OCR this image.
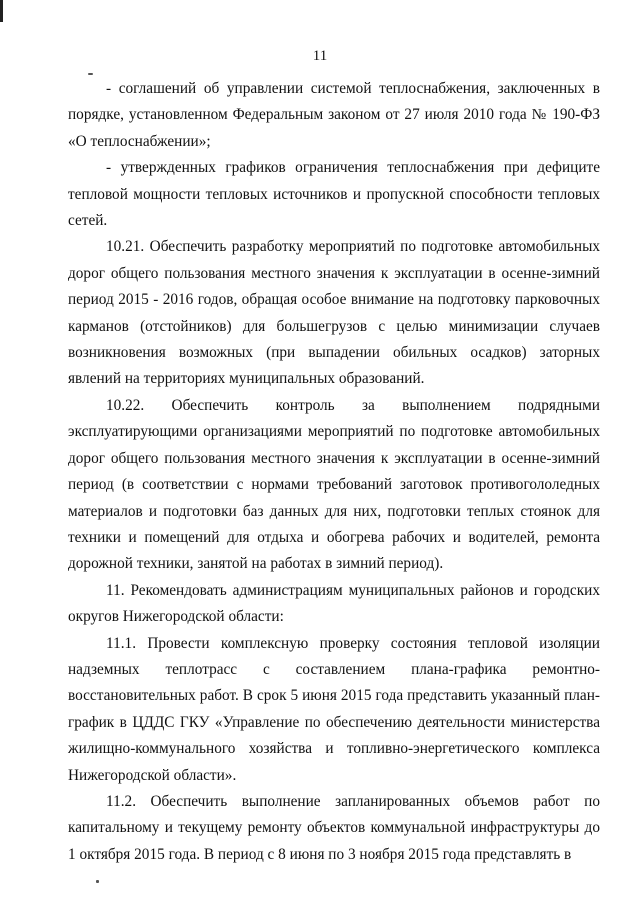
11

- соглашений об управлении системой теплоснабжения, заключенных в порядке, установленном Федеральным законом от 27 июля 2010 года № 190-ФЗ «О теплоснабжении»;

- утвержденных графиков ограничения теплоснабжения при дефиците тепловой мощности тепловых источников и пропускной способности тепловых сетей.

10.21. Обеспечить разработку мероприятий по подготовке автомобильных дорог общего пользования местного значения к эксплуатации в осенне-зимний период 2015 - 2016 годов, обращая особое внимание на подготовку парковочных карманов (отстойников) для большегрузов с целью минимизации случаев возникновения возможных (при выпадении обильных осадков) заторных явлений на территориях муниципальных образований.

10.22. Обеспечить контроль за выполнением подрядными эксплуатирующими организациями мероприятий по подготовке автомобильных дорог общего пользования местного значения к эксплуатации в осенне-зимний период (в соответствии с нормами требований заготовок противогололедных материалов и подготовки баз данных для них, подготовки теплых стоянок для техники и помещений для отдыха и обогрева рабочих и водителей, ремонта дорожной техники, занятой на работах в зимний период).

11. Рекомендовать администрациям муниципальных районов и городских округов Нижегородской области:

11.1. Провести комплексную проверку состояния тепловой изоляции надземных теплотрасс с составлением плана-графика ремонтно-восстановительных работ. В срок 5 июня 2015 года представить указанный план-график в ЦДДС ГКУ «Управление по обеспечению деятельности министерства жилищно-коммунального хозяйства и топливно-энергетического комплекса Нижегородской области».

11.2. Обеспечить выполнение запланированных объемов работ по капитальному и текущему ремонту объектов коммунальной инфраструктуры до 1 октября 2015 года. В период с 8 июня по 3 ноября 2015 года представлять в
